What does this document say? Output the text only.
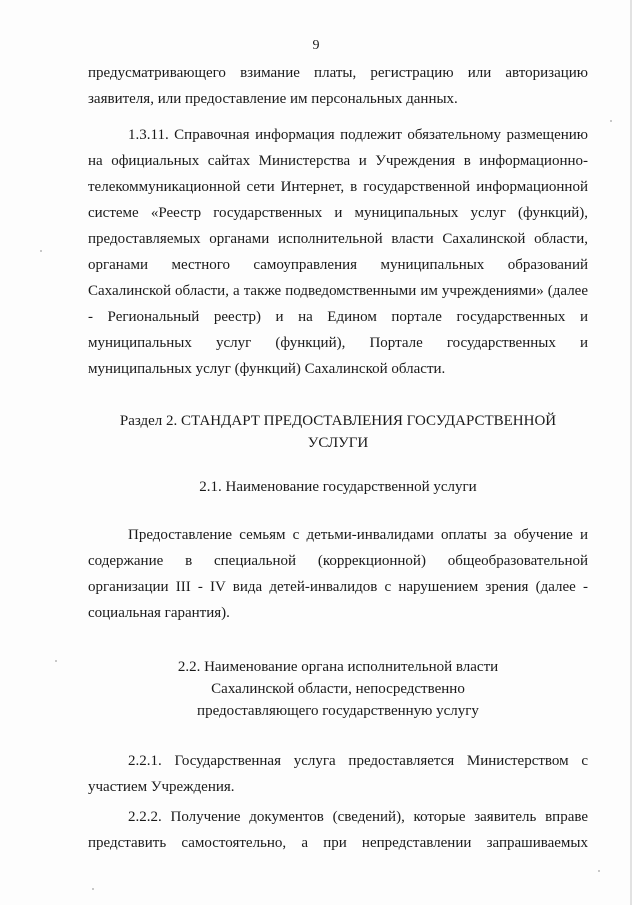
9

предусматривающего взимание платы, регистрацию или авторизацию заявителя, или предоставление им персональных данных.

1.3.11. Справочная информация подлежит обязательному размещению на официальных сайтах Министерства и Учреждения в информационно-телекоммуникационной сети Интернет, в государственной информационной системе «Реестр государственных и муниципальных услуг (функций), предоставляемых органами исполнительной власти Сахалинской области, органами местного самоуправления муниципальных образований Сахалинской области, а также подведомственными им учреждениями» (далее - Региональный реестр) и на Едином портале государственных и муниципальных услуг (функций), Портале государственных и муниципальных услуг (функций) Сахалинской области.

Раздел 2. СТАНДАРТ ПРЕДОСТАВЛЕНИЯ ГОСУДАРСТВЕННОЙ
УСЛУГИ
2.1. Наименование государственной услуги

Предоставление семьям с детьми-инвалидами оплаты за обучение и содержание в специальной (коррекционной) общеобразовательной организации III - IV вида детей-инвалидов с нарушением зрения (далее - социальная гарантия).

2.2. Наименование органа исполнительной власти
Сахалинской области, непосредственно
предоставляющего государственную услугу

2.2.1. Государственная услуга предоставляется Министерством с участием Учреждения.

2.2.2. Получение документов (сведений), которые заявитель вправе представить самостоятельно, а при непредставлении запрашиваемых
